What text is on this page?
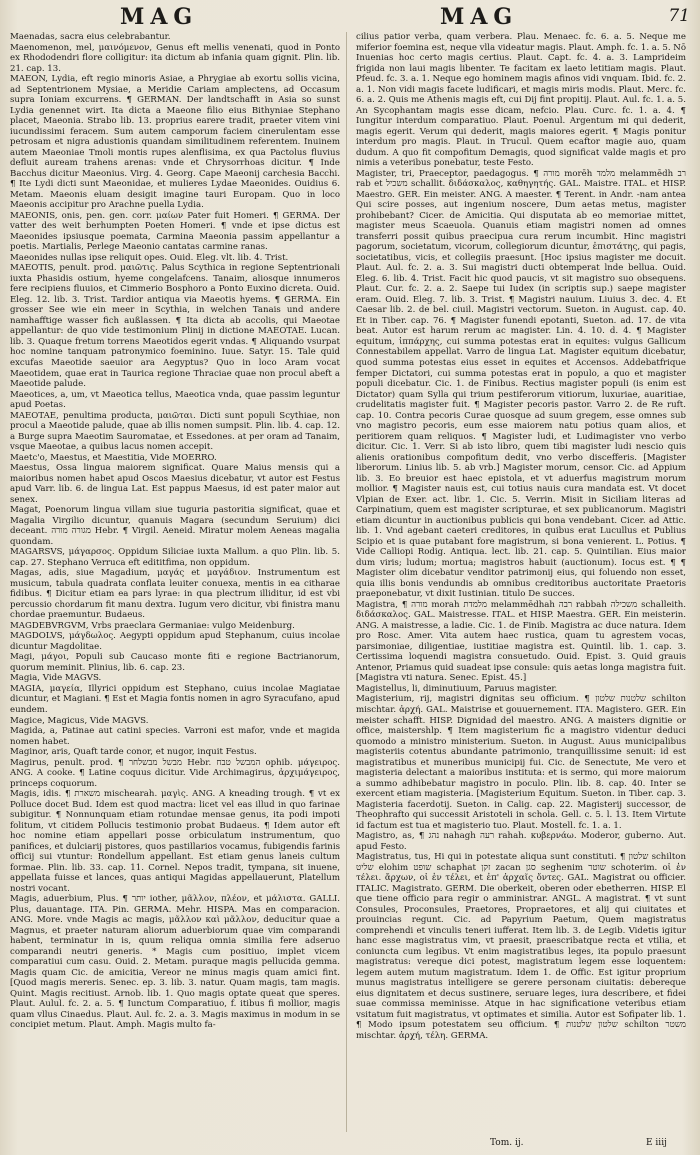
MAG	MAG	71

Maenadas, sacra eius celebrabantur.

Maenomenon, mel, μαινόμενον, Genus eft mellis venenati, quod in Ponto ex Rhododendri flore colligitur: ita dictum ab infania quam gignit. Plin. lib. 21. cap. 13.

MAEON, Lydia, eft regio minoris Asiae, a Phrygiae ab exortu sollis vicina, ad Septentrionem Mysiae, a Meridie Cariam amplectens, ad Occasum supra Ioniam excurrens. ¶ GERMAN. Der landtschafft in Asia so sunst Lydia genennet wirt. Ita dicta a Maeone filio eius Bithyniae Stephano placet, Maeonia. Strabo lib. 13. proprius earere tradit, praeter vitem vini iucundissimi feracem. Sum autem camporum faciem cinerulentam esse petrosam et nigra adustionis quandam similitudinem referentem. Inuinem autem Maeoniae Tmoli montis rupes alenflisima, ex qua Pactolus fluvius defluit auream trahens arenas: vnde et Chrysorrhoas dicitur. ¶ Inde Bacchus dicitur Maeonius. Virg. 4. Georg. Cape Maeonij carchesia Bacchi. ¶ Ite Lydi dicti sunt Maeonidae, et mulieres Lydae Maeonides. Ouidius 6. Metam. Maeonis eluam desigit imagine tauri Europam. Quo in loco Maeonis accipitur pro Arachne puella Lydia.

MAEONIS, onis, pen. gen. corr. μαίων Pater fuit Homeri. ¶ GERMA. Der vatter des weit berhumpten Poeten Homeri. ¶ vnde et ipse dictus est Maeonides ipsiusque poemata, Carmina Maeonia passim appellantur a poetis. Martialis, Perlege Maeonio cantatas carmine ranas.

Maeonides nullas ipse reliquit opes. Ouid. Eleg. vlt. lib. 4. Trist.

MAEOTIS, penult. prod. μαιῶτις. Palus Scythica in regione Septentrionali iuxta Phasidis ostium, hyeme congelafcens. Tanaim, aliosque innumeros fere recipiens fluuios, et Cimmerio Bosphoro a Ponto Euxino dicreta. Ouid. Eleg. 12. lib. 3. Trist. Tardior antiqua via Maeotis hyems. ¶ GERMA. Ein grosser See wie ein meer in Scythia, in welchen Tanais und andere namhafftige wasser fich außlassen. ¶ Ita dicta ab accolis, qui Maeotae appellantur: de quo vide testimonium Plinij in dictione MAEOTAE. Lucan. lib. 3. Quaque fretum torrens Maeotidos egerit vndas. ¶ Aliquando vsurpat hoc nomine tanquam patronymico foeminino. Iuue. Satyr. 15. Tale quid excufas Maeotide saeuior ara Aegyptus? Quo in loco Aram vocat Maeotidem, quae erat in Taurica regione Thraciae quae non procul abeft a Maeotide palude.

Maeotices, a, um, vt Maeotica tellus, Maeotica vnda, quae passim leguntur apud Poetas.

MAEOTAE, penultima producta, μαιῶται. Dicti sunt populi Scythiae, non procul a Maeotide palude, quae ab illis nomen sumpsit. Plin. lib. 4. cap. 12. a Burge supra Maeotim Sauromatae, et Essedones. at per oram ad Tanaim, vsque Maeotae, a quibus lacus nomen accepit.

Maetc'o, Maestus, et Maestitia, Vide MOERRO.

Maestus, Ossa lingua maiorem significat. Quare Maius mensis qui a maioribus nomen habet apud Oscos Maesius dicebatur, vt autor est Festus apud Varr. lib. 6. de lingua Lat. Est pappus Maesus, id est pater maior aut senex.

Magat, Poenorum lingua villam siue tuguria pastoritia significat, quae et Magalia Virgilio dicuntur, quanuis Magara (secundum Seruium) dici deceant. מגורה מורה Hebr. ¶ Virgil. Aeneid. Miratur molem Aeneas magalia quondam.

MAGARSVS, μάγαρσος. Oppidum Siliciae iuxta Mallum. a quo Plin. lib. 5. cap. 27. Stephano Verruca eft edititfima, non oppidum.

Magas, adis, siue Magadium, μαγάς et μαγάδιον. Instrumentum est musicum, tabula quadrata conflata leuiter conuexa, mentis in ea citharae fidibus. ¶ Dicitur etiam ea pars lyrae: in qua plectrum illiditur, id est vbi percussio chordarum fit manu dextra. Iugum vero dicitur, vbi finistra manu chordae praemuntur. Budaeus.

MAGDEBVRGVM, Vrbs praeclara Germaniae: vulgo Meidenburg.

MAGDOLVS, μάγδωλος. Aegypti oppidum apud Stephanum, cuius incolae dicuntur Magdolitae.

Magi, μάγοι, Populi sub Caucaso monte fiti e regione Bactrianorum, quorum meminit. Plinius, lib. 6. cap. 23.

Magia, Vide MAGVS.

MAGIA, μαγεία, Illyrici oppidum est Stephano, cuius incolae Magiatae dicuntur, et Magiani. ¶ Est et Magia fontis nomen in agro Syracufano, apud eundem.

Magice, Magicus, Vide MAGVS.

Magida, a, Patinae aut catini species. Varroni est mafor, vnde et magida nomen habet.

Maginor, aris, Quaft tarde conor, et nugor, inquit Festus.

Magirus, penult. prod. ¶ מבשל מבשלחר Hebr. המבשל טבח ophib. μάγειρος. ANG. A cooke. ¶ Latine coquus dicitur. Vide Archimagirus, ἀρχιμάγειρος, princeps coquorum.

Magis, idis. ¶ משארת mischearah. μαγὶς. ANG. A kneading trough. ¶ vt ex Polluce docet Bud. Idem est quod mactra: licet vel eas illud in quo farinae subigitur. ¶ Nonnunquam etiam rotundae mensae genus, ita podi impoti folitum, vt citidem Pollucis testimonio probat Budaeus. ¶ Idem autor eft hoc nomine etiam appellari posse orbiculatum instrumentum, quo panifices, et dulciarij pistores, quos pastillarios vocamus, fubigendis farinis officij sui vtuntur: Rondellum appellant. Est etiam genus laneis cultum formae. Plin. lib. 33. cap. 11. Cornel. Nepos tradit, tympana, sit inuene, appellata fuisse et lances, quas antiqui Magidas appellauerunt, Platellum nostri vocant.

Magis, aduerbium, Plus. ¶ יותר iother, μᾶλλον, πλέον, et μάλιστα. GALLI. Plus, dauantage. ITA. Pin. GERMA. Mehr. HISPA. Mas en comparacion. ANG. More. vnde Magis ac magis, μᾶλλον καὶ μᾶλλον, deducitur quae a Magnus, et praeter naturam aliorum aduerbiorum quae vim comparandi habent, terminatur in is, quum reliqua omnia similia fere adseruo comparandi neutri generis. * Magis cum positiuo, implet vicem comparatiui cum casu. Ouid. 2. Metam. puraque magis pellucida gemma. Magis quam Cic. de amicitia, Vereor ne minus magis quam amici fint. [Quod magis mereris. Senec. ep. 3. lib. 3. natur. Quam magis, tam magis. Quint. Magis recitiust. Arnob. lib. 1. Quo magis optate queat que speres. Plaut. Aulul. fc. 2. a. 5. ¶ Iunctum Comparatiuo, f. itibus fi mollior, magis quam vllus Cinaedus. Plaut. Aul. fc. 2. a. 3. Magis maximus in modum in se concipiet metum. Plaut. Amph. Magis multo fa-

cilius patior verba, quam verbera. Plau. Menaec. fc. 6. a. 5. Neque me miferior foemina est, neque vlla videatur magis. Plaut. Amph. fc. 1. a. 5. Nō Inuenias hoc certo magis certius. Plaut. Capt. fc. 4. a. 3. Lamprideim frigida non laui magis libenter. Te facitam ex laeto letitiam magis. Plaut. Pfeud. fc. 3. a. 1. Neque ego hominem magis afinos vidi vnquam. Ibid. fc. 2. a. 1. Non vidi magis facete ludificari, et magis miris modis. Plaut. Merc. fc. 6. a. 2. Quis me Athenis magis eft, cui Dij fint propitij. Plaut. Aul. fc. 1. a. 5. An Sycophantam magis esse dicam, nefcio. Plau. Curc. fc. 1. a. 4. ¶ Iungitur interdum comparatiuo. Plaut. Poenul. Argentum mi qui dederit, magis egerit. Verum qui dederit, magis maiores egerit. ¶ Magis ponitur interdum pro magis. Plaut. in Trucul. Quem ecaftor magie auo, quam dudum. A quo fit compofitum Demagis, quod significat valde magis et pro nimis a veteribus ponebatur, teste Festo.

Magister, tri, Praeceptor, paedagogus. ¶ מורה morēh מלמד melammēdh רב rab et משכיל schallit. διδάσκαλος, καθηγητής. GAL. Maistre. ITAL. et HISP. Maestro. GER. Ein meister. ANG. A maester. ¶ Terent. in Andr. -nam antea Qui scire posses, aut ingenium noscere, Dum aetas metus, magister prohibebant? Cicer. de Amicitia. Qui disputata ab eo memoriae mittet, magister meus Scaeuola. Quanuis etiam magistri nomen ad omnes transferri possit quibus praecipua cura rerum incumbit. Hinc magistri pagorum, societatum, vicorum, collegiorum dicuntur, ἐπιστάτης, qui pagis, societatibus, vicis, et collegiis praesunt. [Hoc ipsius magister me docuit. Plaut. Aul. fc. 2. a. 3. Sui magistri ducti obtemperat lnde bellua. Ouid. Eleg. 6. lib. 4. Trist. Facit hic quod paucis, vt sit magistro suo obsequens. Plaut. Cur. fc. 2. a. 2. Saepe tui Iudex (in scriptis sup.) saepe magister eram. Ouid. Eleg. 7. lib. 3. Trist. ¶ Magistri nauium. Liuius 3. dec. 4. Et Caesar lib. 2. de bel. ciuil. Magistri vectorum. Sueton. in August. cap. 40. Et in Tiber. cap. 76. ¶ Magister funendi epotanti, Sueton. ad. 17. de vita beat. Autor est harum rerum ac magister. Lin. 4. 10. d. 4. ¶ Magister equitum, ἱππάρχης, cui summa potestas erat in equites: vulgus Gallicum Connestabilem appellat. Varro de lingua Lat. Magister equitum dicebatur, quod summa potestas eius esset in equites et Accensos. Addebatfrique femper Dictatori, cui summa potestas erat in populo, a quo et magister populi dicebatur. Cic. 1. de Finibus. Rectius magister populi (is enim est Dictator) quam Sylla qui trium pestiferorum vitiorum, luxuriae, auaritiae, crudelitatis magister fuit. ¶ Magister pecoris pastor. Varro 2. de Re ruft. cap. 10. Contra pecoris Curae quosque ad suum gregem, esse omnes sub vno magistro pecoris, eum esse maiorem natu potius quam alios, et peritiorem quam reliquos. ¶ Magister ludi, et Ludimagister vno verbo dicitur. Cic. 1. Verr. Si ab isto libro, quem tibi magister ludi nescio quis alienis orationibus compofitum dedit, vno verbo discefferis. [Magister liberorum. Linius lib. 5. ab vrb.] Magister morum, censor. Cic. ad Appium lib. 3. Eo breuior est haec epistola, et vt aduerfus magistrum morum mollior. ¶ Magister nauis est, cui totius nauis cura mandata est. Vt docet Vlpian de Exer. act. libr. 1. Cic. 5. Verrin. Misit in Siciliam literas ad Carpinatium, quem est magister scripturae, et sex publicanorum. Magistri etiam dicuntur in auctionibus publicis qui bona vendebant. Cicer. ad Attic. lib. 1. Vnd agebant caeteri creditores, in quibus erat Lucullus et Publius Scipio et is quae putabant fore magistrum, si bona venierent. L. Potius. ¶ Vide Calliopi Rodig. Antiqua. lect. lib. 21. cap. 5. Quintilian. Eius maior dum viris; ludum; mortua; magistros habuit (auctionum). Iocus est. ¶ ¶ Magister olim dicebatur venditor patrimonij eius, qui foluendo non esset, quia illis bonis vendundis ab omnibus creditoribus auctoritate Praetoris praeponebatur, vt dixit Iustinian. titulo De succes.

Magistra, ¶ מורה morah מלמדת melammēdhah רבה rabbah משכילה schalleith. διδάσκαλος. GAL. Maistresse. ITAL. et HISP. Maestra. GER. Ein meisterin. ANG. A maistresse, a ladie. Cic. 1. de Finib. Magistra ac duce natura. Idem pro Rosc. Amer. Vita autem haec rustica, quam tu agrestem vocas, parsimoniae, diligentiae, iustitiae magistra est. Quintil. lib. 1. cap. 3. Certissima loquendi magistra consuetudo. Ouid. Epist. 3. Quid grauis Antenor, Priamus quid suadeat ipse consule: quis aetas longa magistra fuit. [Magistra vti natura. Senec. Epist. 45.]

Magistellus, li, diminutiuum, Paruus magister.

Magisterium, rij, magistri dignitas seu officium. ¶ שלטנות שלטון schilton mischtar. ἀρχή. GAL. Maistrise et gouuernement. ITA. Magistero. GER. Ein meister schafft. HISP. Dignidad del maestro. ANG. A maisters dignitie or office, maistershlp. ¶ Item magisterium fic a magistro videntur deduci quomodo a ministro ministerium. Sueton. in August. Auus municipalibus magisteriis cotentus abundante patrimonio, tranquillissime senuit: id est magistratibus et muneribus municipij fui. Cic. de Senectute, Me vero et magisteria delectant a maioribus instituta: et is sermo, qui more maiorum a summo adhibebatur magistro in poculo. Plin. lib. 8. cap. 40. Inter se exercent etiam magisteria. [Magisterium Equitum. Sueton. in Tiber. cap. 3. Magisteria facerdotij. Sueton. in Calig. cap. 22. Magisterij successor, de Theophrafto qui successit Aristoteli in schola. Gell. c. 5. l. 13. Item Virtute id factum est tua et magisterio tuo. Plaut. Mostell. fc. 1. a. 1.

Magistro, as, ¶ נהג nahagh רעה rahah. κυβερνάω. Moderor, guberno. Aut. apud Festo.

Magistratus, tus, Hi qui in potestate aliqua sunt constituti. ¶ שלטון schilton שליט elohim שופט schaphat זקן zacan סגן seghenim שוטר schoterim. οἱ ἐν τέλει. ἄρχων, οἱ ἐν τέλει, et ἐπ' ἀρχαῖς ὄντες. GAL. Magistrat ou officier. ITALIC. Magistrato. GERM. Die oberkeit, oberen oder ebetherren. HISP. El que tiene officio para regir o amministrar. ANGL. A magistrat. ¶ vt sunt Consules, Proconsules, Praetores, Propraetores, et alij qui ciuitates et prouincias regunt. Cic. ad Papyrium Paetum, Quem magistratus comprehendi et vinculis teneri iufferat. Item lib. 3. de Legib. Videtis igitur hanc esse magistratus vim, vt praesit, praescribatque recta et vtilia, et coniuncta cum legibus. Vt enim magistratibus leges, ita populo praesunt magistratus: vereque dici potest, magistratum legem esse loquentem: legem autem mutum magistratum. Idem 1. de Offic. Est igitur proprium munus magistratus intelligere se gerere personam ciuitatis: debereque eius dignitatem et decus sustinere, seruare leges, iura describere, et fidei suae commissa meminisse. Atque in hac significatione veteribus etiam vsitatum fuit magistratus, vt optimates et similia. Autor est Sofipater lib. 1. ¶ Modo ipsum potestatem seu officium. ¶ שלטון שלטנות schilton משטר mischtar. ἀρχή, τέλη. GERMA.

Tom. ij.	E iiij
